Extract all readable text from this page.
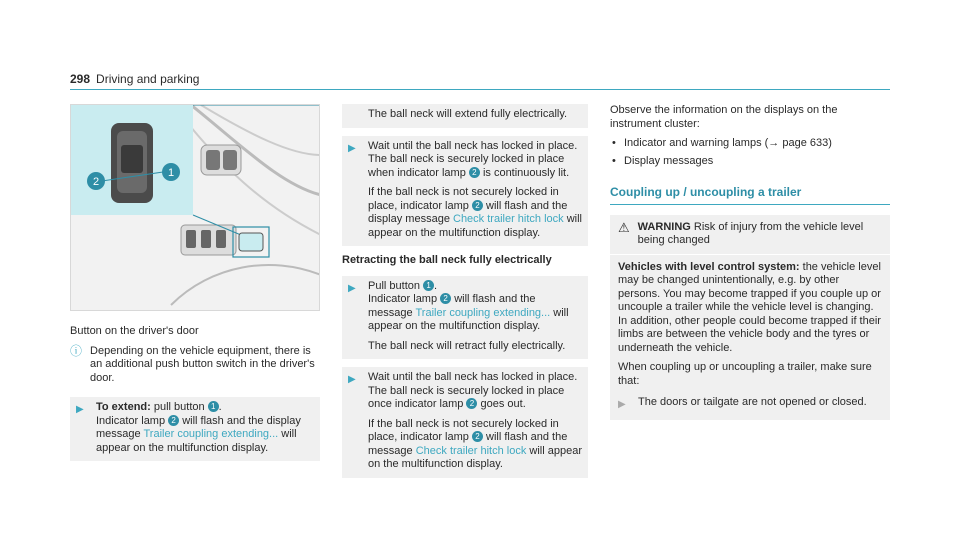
298 Driving and parking
2
1

Button on the driver's door

ⓘ Depending on the vehicle equipment, there is an additional push button switch in the driver's door.
▶	To extend: pull button 1 .
Indicator lamp 2 will flash and the display message Trailer coupling extending... will appear on the multifunction display.

The ball neck will extend fully electrically.
▶	Wait until the ball neck has locked in place. The ball neck is securely locked in place when indicator lamp 2 is continuously lit.

If the ball neck is not securely locked in place, indicator lamp 2 will flash and the display message Check trailer hitch lock will appear on the multifunction display.

Retracting the ball neck fully electrically
▶	Pull button 1 .
Indicator lamp 2 will flash and the message Trailer coupling extending... will appear on the multifunction display.

The ball neck will retract fully electrically.

▶	Wait until the ball neck has locked in place. The ball neck is securely locked in place once indicator lamp 2 goes out.

If the ball neck is not securely locked in place, indicator lamp 2 will flash and the message Check trailer hitch lock will appear on the multifunction display.

Observe the information on the displays on the instrument cluster:

• Indicator and warning lamps (→ page 633)
• Display messages
Coupling up / uncoupling a trailer
⚠ WARNING Risk of injury from the vehicle level being changed

Vehicles with level control system: the vehicle level may be changed unintentionally, e.g. by other persons. You may become trapped if you couple up or uncouple a trailer while the vehicle level is changing. In addition, other people could become trapped if their limbs are between the vehicle body and the tyres or underneath the vehicle.

When coupling up or uncoupling a trailer, make sure that:

▶	The doors or tailgate are not opened or closed.
